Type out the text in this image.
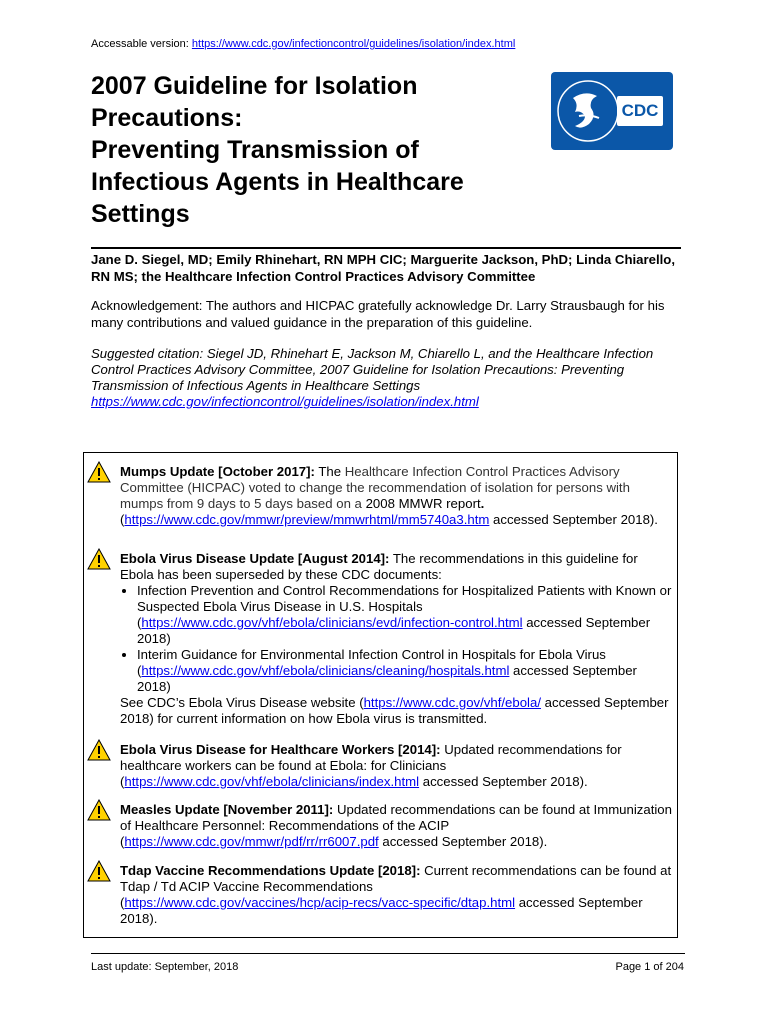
Accessable version: https://www.cdc.gov/infectioncontrol/guidelines/isolation/index.html
2007 Guideline for Isolation
Precautions:
Preventing Transmission of
Infectious Agents in Healthcare
Settings
CDC

Jane D. Siegel, MD; Emily Rhinehart, RN MPH CIC; Marguerite Jackson, PhD; Linda Chiarello, RN MS; the Healthcare Infection Control Practices Advisory Committee

Acknowledgement: The authors and HICPAC gratefully acknowledge Dr. Larry Strausbaugh for his many contributions and valued guidance in the preparation of this guideline.

Suggested citation: Siegel JD, Rhinehart E, Jackson M, Chiarello L, and the Healthcare Infection Control Practices Advisory Committee, 2007 Guideline for Isolation Precautions: Preventing Transmission of Infectious Agents in Healthcare Settings
https://www.cdc.gov/infectioncontrol/guidelines/isolation/index.html

Mumps Update [October 2017]: The Healthcare Infection Control Practices Advisory Committee (HICPAC) voted to change the recommendation of isolation for persons with mumps from 9 days to 5 days based on a 2008 MMWR report.
(https://www.cdc.gov/mmwr/preview/mmwrhtml/mm5740a3.htm accessed September 2018).
Ebola Virus Disease Update [August 2014]: The recommendations in this guideline for Ebola has been superseded by these CDC documents:
• Infection Prevention and Control Recommendations for Hospitalized Patients with Known or Suspected Ebola Virus Disease in U.S. Hospitals
(https://www.cdc.gov/vhf/ebola/clinicians/evd/infection-control.html accessed September 2018)
• Interim Guidance for Environmental Infection Control in Hospitals for Ebola Virus
(https://www.cdc.gov/vhf/ebola/clinicians/cleaning/hospitals.html accessed September 2018)
See CDC’s Ebola Virus Disease website (https://www.cdc.gov/vhf/ebola/ accessed September 2018) for current information on how Ebola virus is transmitted.
Ebola Virus Disease for Healthcare Workers [2014]: Updated recommendations for healthcare workers can be found at Ebola: for Clinicians
(https://www.cdc.gov/vhf/ebola/clinicians/index.html accessed September 2018).
Measles Update [November 2011]: Updated recommendations can be found at Immunization of Healthcare Personnel: Recommendations of the ACIP
(https://www.cdc.gov/mmwr/pdf/rr/rr6007.pdf accessed September 2018).
Tdap Vaccine Recommendations Update [2018]: Current recommendations can be found at Tdap / Td ACIP Vaccine Recommendations
(https://www.cdc.gov/vaccines/hcp/acip-recs/vacc-specific/dtap.html accessed September 2018).
Last update: September, 2018	Page 1 of 204
